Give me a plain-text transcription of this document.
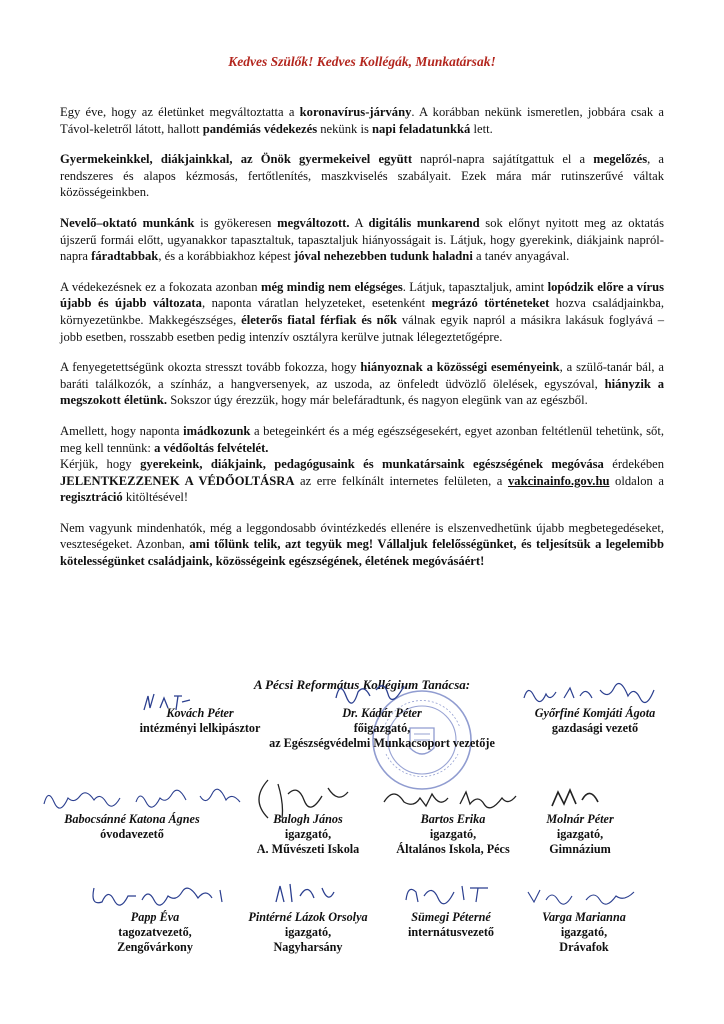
Kedves Szülők! Kedves Kollégák, Munkatársak!

Egy éve, hogy az életünket megváltoztatta a koronavírus-járvány. A korábban nekünk ismeretlen, jobbára csak a Távol-keletről látott, hallott pandémiás védekezés nekünk is napi feladatunkká lett.

Gyermekeinkkel, diákjainkkal, az Önök gyermekeivel együtt napról-napra sajátítgattuk el a megelőzés, a rendszeres és alapos kézmosás, fertőtlenítés, maszkviselés szabályait. Ezek mára már rutinszerűvé váltak közösségeinkben.

Nevelő–oktató munkánk is gyökeresen megváltozott. A digitális munkarend sok előnyt nyitott meg az oktatás újszerű formái előtt, ugyanakkor tapasztaltuk, tapasztaljuk hiányosságait is. Látjuk, hogy gyerekink, diákjaink napról-napra fáradtabbak, és a korábbiakhoz képest jóval nehezebben tudunk haladni a tanév anyagával.

A védekezésnek ez a fokozata azonban még mindig nem elégséges. Látjuk, tapasztaljuk, amint lopódzik előre a vírus újabb és újabb változata, naponta váratlan helyzeteket, esetenként megrázó történeteket hozva családjainkba, környezetünkbe. Makkegészséges, életerős fiatal férfiak és nők válnak egyik napról a másikra lakásuk foglyává – jobb esetben, rosszabb esetben pedig intenzív osztályra kerülve jutnak lélegeztetőgépre.

A fenyegetettségünk okozta stresszt tovább fokozza, hogy hiányoznak a közösségi eseményeink, a szülő-tanár bál, a baráti találkozók, a színház, a hangversenyek, az uszoda, az önfeledt üdvözlő ölelések, egyszóval, hiányzik a megszokott életünk. Sokszor úgy érezzük, hogy már belefáradtunk, és nagyon elegünk van az egészből.

Amellett, hogy naponta imádkozunk a betegeinkért és a még egészségesekért, egyet azonban feltétlenül tehetünk, sőt, meg kell tennünk: a védőoltás felvételét.

Kérjük, hogy gyerekeink, diákjaink, pedagógusaink és munkatársaink egészségének megóvása érdekében JELENTKEZZENEK A VÉDŐOLTÁSRA az erre felkínált internetes felületen, a vakcinainfo.gov.hu oldalon a regisztráció kitöltésével!

Nem vagyunk mindenhatók, még a leggondosabb óvintézkedés ellenére is elszenvedhetünk újabb megbetegedéseket, veszteségeket. Azonban, ami tőlünk telik, azt tegyük meg! Vállaljuk felelősségünket, és teljesítsük a legelemibb kötelességünket családjaink, közösségeink egészségének, életének megóvásáért!

A Pécsi Református Kollégium Tanácsa:
Kovách Péter
intézményi lelkipásztor
Dr. Kádár Péter
főigazgató,
az Egészségvédelmi Munkacsoport vezetője
Győrfiné Komjáti Ágota
gazdasági vezető
Babocsánné Katona Ágnes
óvodavezető
Balogh János
igazgató,
A. Művészeti Iskola
Bartos Erika
igazgató,
Általános Iskola, Pécs
Molnár Péter
igazgató,
Gimnázium
Papp Éva
tagozatvezető,
Zengővárkony
Pintérné Lázok Orsolya
igazgató,
Nagyharsány
Sümegi Péterné
internátusvezető
Varga Marianna
igazgató,
Drávafok
